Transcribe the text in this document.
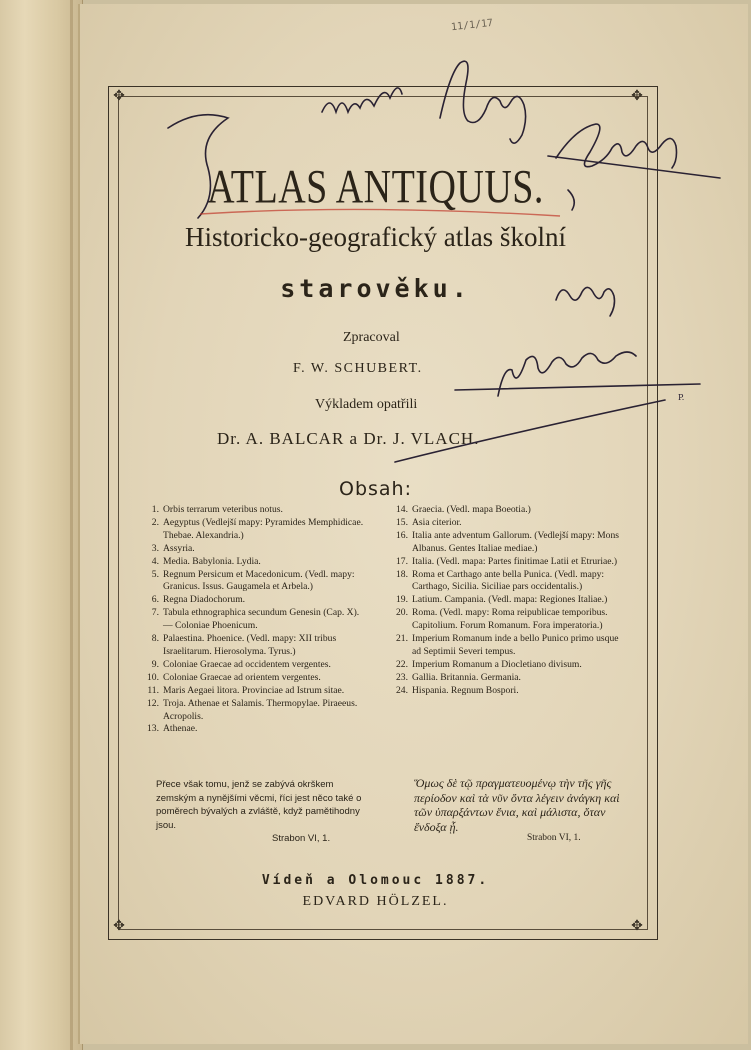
✥	✥
✥	✥
11/1/17
ATLAS ANTIQUUS.
Historicko-geografický atlas školní
starověku.
Zpracoval
F. W. SCHUBERT.
Výkladem opatřili
Dr. A. BALCAR a Dr. J. VLACH.
Obsah:
1. Orbis terrarum veteribus notus.
2. Aegyptus (Vedlejší mapy: Pyramides Memphidicae. Thebae. Alexandria.)
3. Assyria.
4. Media. Babylonia. Lydia.
5. Regnum Persicum et Macedonicum. (Vedl. mapy: Granicus. Issus. Gaugamela et Arbela.)
6. Regna Diadochorum.
7. Tabula ethnographica secundum Genesin (Cap. X). — Coloniae Phoenicum.
8. Palaestina. Phoenice. (Vedl. mapy: XII tribus Israelitarum. Hierosolyma. Tyrus.)
9. Coloniae Graecae ad occidentem vergentes.
10. Coloniae Graecae ad orientem vergentes.
11. Maris Aegaei litora. Provinciae ad Istrum sitae.
12. Troja. Athenae et Salamis. Thermopylae. Piraeeus. Acropolis.
13. Athenae.
14. Graecia. (Vedl. mapa Boeotia.)
15. Asia citerior.
16. Italia ante adventum Gallorum. (Vedlejší mapy: Mons Albanus. Gentes Italiae mediae.)
17. Italia. (Vedl. mapa: Partes finitimae Latii et Etruriae.)
18. Roma et Carthago ante bella Punica. (Vedl. mapy: Carthago, Sicilia. Siciliae pars occidentalis.)
19. Latium. Campania. (Vedl. mapa: Regiones Italiae.)
20. Roma. (Vedl. mapy: Roma reipublicae temporibus. Capitolium. Forum Romanum. Fora imperatoria.)
21. Imperium Romanum inde a bello Punico primo usque ad Septimii Severi tempus.
22. Imperium Romanum a Diocletiano divisum.
23. Gallia. Britannia. Germania.
24. Hispania. Regnum Bospori.
Přece však tomu, jenž se zabývá okrškem zemským a nynějšími věcmi, říci jest něco také o poměrech bývalých a zvláště, když pamětihodny jsou.
Strabon VI, 1.
Ὅμως δὲ τῷ πραγματευομένῳ τὴν τῆς γῆς περίοδον καὶ τὰ νῦν ὄντα λέγειν ἀνάγκη καὶ τῶν ὑπαρξάντων ἔνια, καὶ μάλιστα, ὅταν ἔνδοξα ᾖ.
Strabon VI, 1.
Vídeň a Olomouc 1887.
EDVARD HÖLZEL.
P.
